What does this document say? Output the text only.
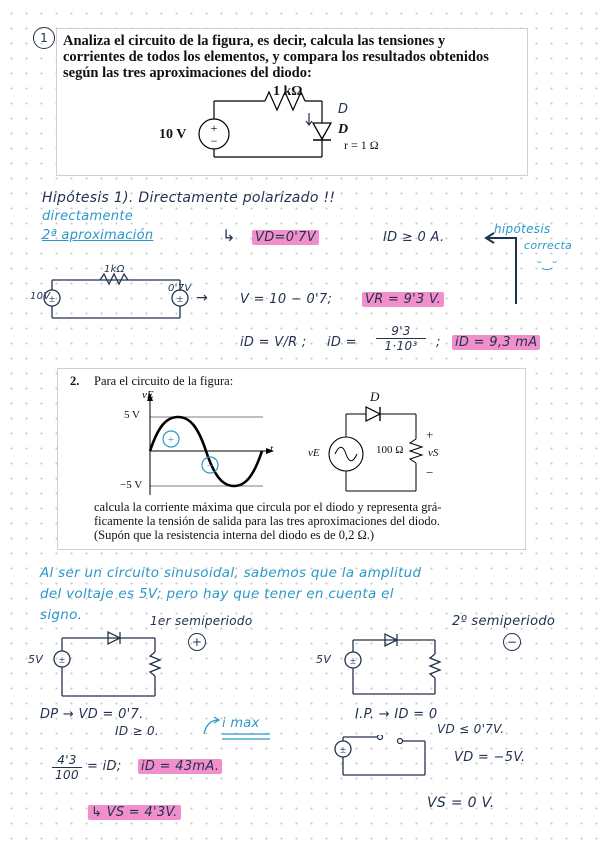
1	Analiza el circuito de la figura, es decir, calcula las tensiones y
corrientes de todos los elementos, y compara los resultados obtenidos
según las tres aproximaciones del diodo:
+
−
1 kΩ
10 V	D
r = 1 Ω
D
Hipótesis 1). Directamente polarizado !!
directamente
2ª aproximación	↳ VD=0'7V	ID ≥ 0 A.
hipótesis
correcta
ᵕ‿ᵕ
±	±
10V
1kΩ
0'7V
→ V = 10 − 0'7;	VR = 9'3 V.
iD = V/R ; iD = $\frac{9'3}{\text{1·10³}}$ ; iD = 9,3 mA
2. Para el circuito de la figura:
+
−
vE
5 V
−5 V
t	vE
D
100 Ω vS
+
−
calcula la corriente máxima que circula por el diodo y representa grá-
ficamente la tensión de salida para las tres aproximaciones del diodo.
(Supón que la resistencia interna del diodo es de 0,2 Ω.)
Al ser un circuito sinusoidal, sabemos que la amplitud
del voltaje es 5V; pero hay que tener en cuenta el
signo.	1er semiperiodo
+
2º semiperiodo
−
±
5V	±
5V
DP → VD = 0'7.
ID ≥ 0.	i max
I.P. → ID = 0
VD ≤ 0'7V.
±	VD = −5V.
$\frac{4'3}{100}$ = iD; iD = 43mA.
↳ VS = 4'3V.
VS = 0 V.
